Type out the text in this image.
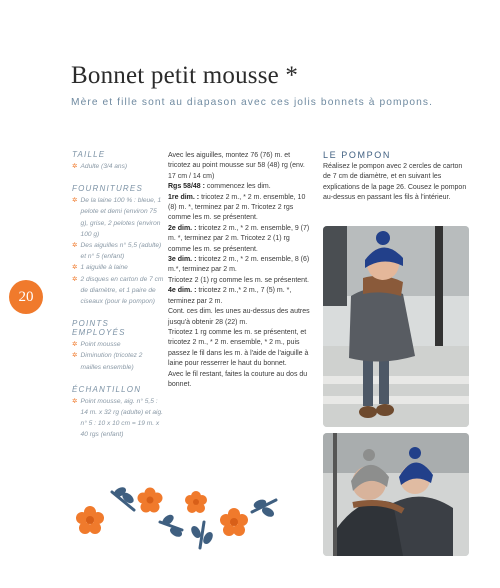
Bonnet petit mousse *
Mère et fille sont au diapason avec ces jolis bonnets à pompons.
20
TAILLE
✲ Adulte (3/4 ans)
FOURNITURES
✲ De la laine 100 % : bleue, 1 pelote et demi (environ 75 g), grise, 2 pelotes (environ 100 g)
✲ Des aiguilles n° 5,5 (adulte) et n° 5 (enfant)
✲ 1 aiguille à laine
✲ 2 disques en carton de 7 cm de diamètre, et 1 paire de ciseaux (pour le pompon)
POINTS EMPLOYÉS
✲ Point mousse
✲ Diminution (tricotez 2 mailles ensemble)
ÉCHANTILLON
✲ Point mousse, aig. n° 5,5 : 14 m. x 32 rg (adulte) et aig. n° 5 : 10 x 10 cm = 19 m. x 40 rgs (enfant)

Avec les aiguilles, montez 76 (76) m. et tricotez au point mousse sur 58 (48) rg (env. 17 cm / 14 cm)

Rgs 58/48 : commencez les dim.

1re dim. : tricotez 2 m., * 2 m. ensemble, 10 (8) m. *, terminez par 2 m. Tricotez 2 rgs comme les m. se présentent.

2e dim. : tricotez 2 m., * 2 m. ensemble, 9 (7) m. *, terminez par 2 m. Tricotez 2 (1) rg comme les m. se présentent.

3e dim. : tricotez 2 m., * 2 m. ensemble, 8 (6) m.*, terminez par 2 m.

Tricotez 2 (1) rg comme les m. se présentent.

4e dim. : tricotez 2 m.,* 2 m., 7 (5) m. *, terminez par 2 m.

Cont. ces dim. les unes au-dessus des autres jusqu'à obtenir 28 (22) m.

Tricotez 1 rg comme les m. se présentent, et tricotez 2 m., * 2 m. ensemble, * 2 m., puis passez le fil dans les m. à l'aide de l'aiguille à laine pour resserrer le haut du bonnet.

Avec le fil restant, faites la couture au dos du bonnet.

LE POMPON
Réalisez le pompon avec 2 cercles de carton de 7 cm de diamètre, et en suivant les explications de la page 26. Cousez le pompon au-dessus en passant les fils à l'intérieur.
